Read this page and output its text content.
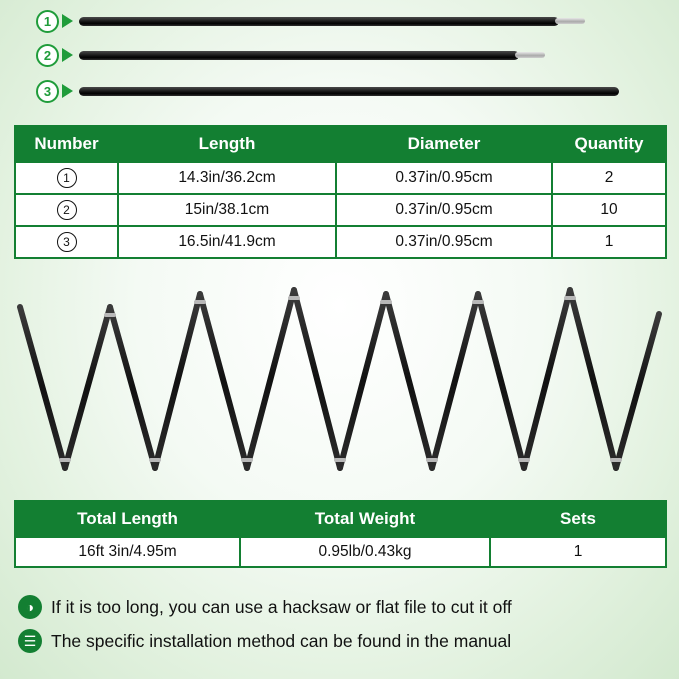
1
2
3
Number	Length	Diameter	Quantity
1	14.3in/36.2cm	0.37in/0.95cm	2
2	15in/38.1cm	0.37in/0.95cm	10
3	16.5in/41.9cm	0.37in/0.95cm	1
Total Length	Total Weight	Sets
16ft 3in/4.95m	0.95lb/0.43kg	1
◑ If it is too long, you can use a hacksaw or flat file to cut it off
☰ The specific installation method can be found in the manual
